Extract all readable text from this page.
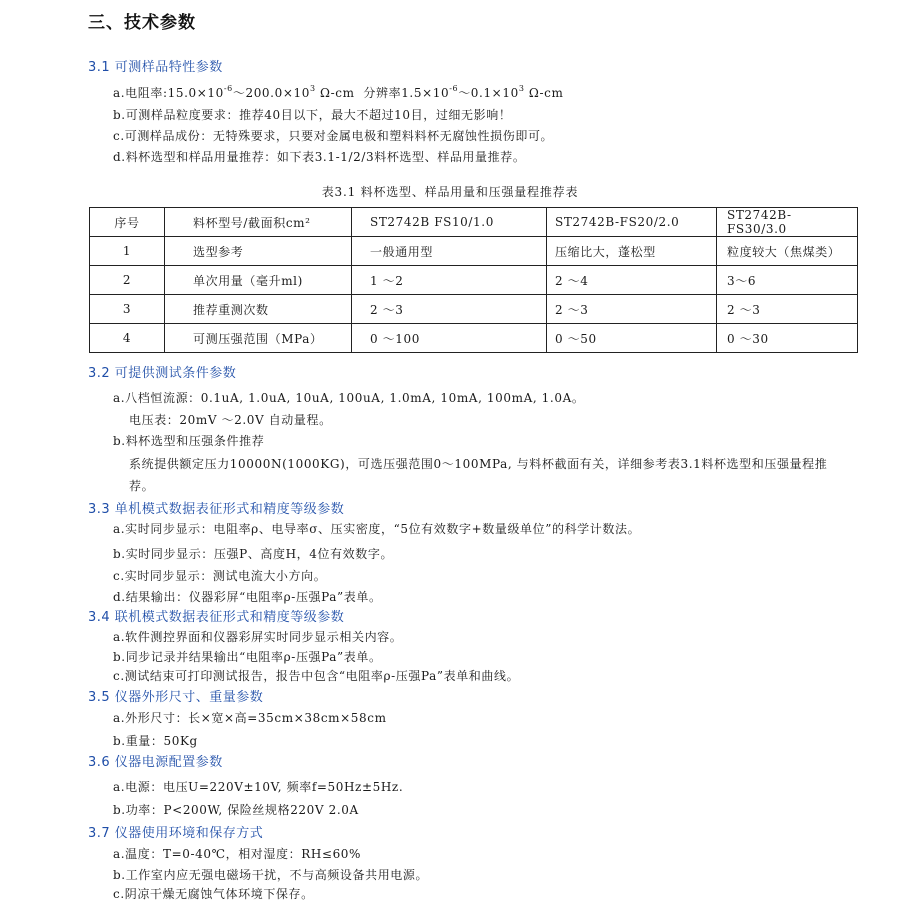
三、技术参数
3.1 可测样品特性参数
a.电阻率$:15.0\times 10^{-6}\sim 200.0\times 10^3$ Ω-cm  分辨率$1.5\times 10^{-6}\sim 0.1\times 10^3$ Ω-cm
b.可测样品粒度要求：推荐40目以下，最大不超过10目，过细无影响！
c.可测样品成份：无特殊要求，只要对金属电极和塑料料杯无腐蚀性损伤即可。
d.料杯选型和样品用量推荐：如下表3.1-1/2/3料杯选型、样品用量推荐。
表3.1 料杯选型、样品用量和压强量程推荐表
序号	料杯型号/截面积cm²	ST2742B FS10/1.0	ST2742B-FS20/2.0	ST2742B-FS30/3.0
1	选型参考	一般通用型	压缩比大，蓬松型	粒度较大（焦煤类）
2	单次用量（毫升ml)	1 ～2	2 ～4	3～6
3	推荐重测次数	2 ～3	2 ～3	2 ～3
4	可测压强范围（MPa）	0 ～100	0 ～50	0 ～30
3.2 可提供测试条件参数
a.八档恒流源：0.1uA, 1.0uA, 10uA, 100uA, 1.0mA, 10mA, 100mA, 1.0A。
电压表：20mV ～2.0V 自动量程。
b.料杯选型和压强条件推荐
系统提供额定压力10000N(1000KG)，可选压强范围0～100MPa, 与料杯截面有关，详细参考表3.1料杯选型和压强量程推荐。
3.3 单机模式数据表征形式和精度等级参数
a.实时同步显示：电阻率ρ、电导率σ、压实密度，“5位有效数字+数量级单位”的科学计数法。
b.实时同步显示：压强P、高度H，4位有效数字。
c.实时同步显示：测试电流大小方向。
d.结果输出：仪器彩屏“电阻率ρ-压强Pa”表单。
3.4 联机模式数据表征形式和精度等级参数
a.软件测控界面和仪器彩屏实时同步显示相关内容。
b.同步记录并结果输出“电阻率ρ-压强Pa”表单。
c.测试结束可打印测试报告，报告中包含“电阻率ρ-压强Pa”表单和曲线。
3.5 仪器外形尺寸、重量参数
a.外形尺寸：长×宽×高=35cm×38cm×58cm
b.重量：50Kg
3.6 仪器电源配置参数
a.电源：电压U=220V±10V, 频率f=50Hz±5Hz.
b.功率：P<200W, 保险丝规格220V 2.0A
3.7 仪器使用环境和保存方式
a.温度：T=0-40℃，相对湿度：RH≤60%
b.工作室内应无强电磁场干扰，不与高频设备共用电源。
c.阴凉干燥无腐蚀气体环境下保存。
